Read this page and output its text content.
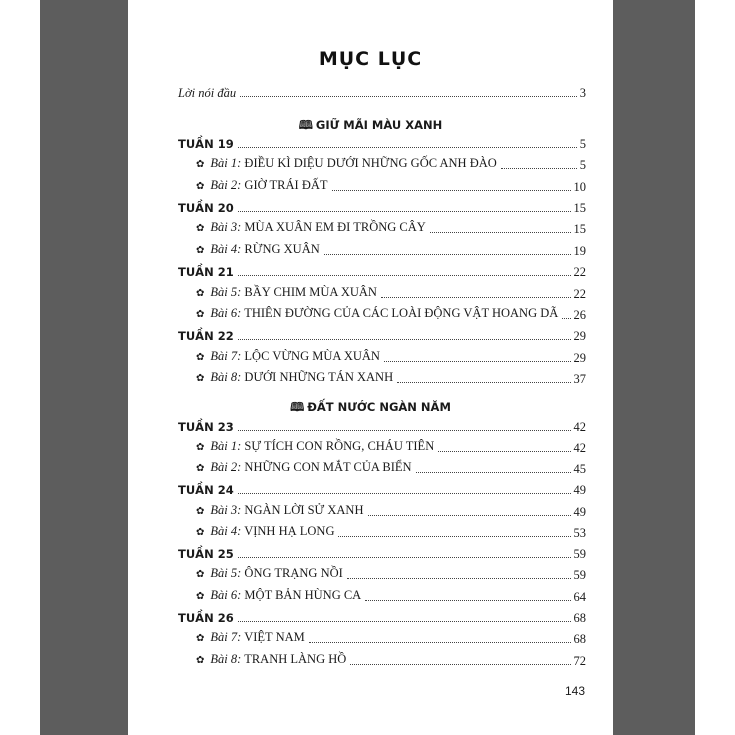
MỤC LỤC
Lời nói đầu	3
🕮 GIỮ MÃI MÀU XANH
TUẦN 19	5
✿ Bài 1: ĐIỀU KÌ DIỆU DƯỚI NHỮNG GỐC ANH ĐÀO	5
✿ Bài 2: GIỜ TRÁI ĐẤT	10
TUẦN 20	15
✿ Bài 3: MÙA XUÂN EM ĐI TRỒNG CÂY	15
✿ Bài 4: RỪNG XUÂN	19
TUẦN 21	22
✿ Bài 5: BẦY CHIM MÙA XUÂN	22
✿ Bài 6: THIÊN ĐƯỜNG CỦA CÁC LOÀI ĐỘNG VẬT HOANG DÃ 26
TUẦN 22	29
✿ Bài 7: LỘC VỪNG MÙA XUÂN	29
✿ Bài 8: DƯỚI NHỮNG TÁN XANH	37
🕮 ĐẤT NƯỚC NGÀN NĂM
TUẦN 23	42
✿ Bài 1: SỰ TÍCH CON RỒNG, CHÁU TIÊN	42
✿ Bài 2: NHỮNG CON MẮT CỦA BIỂN	45
TUẦN 24	49
✿ Bài 3: NGÀN LỜI SỬ XANH	49
✿ Bài 4: VỊNH HẠ LONG	53
TUẦN 25	59
✿ Bài 5: ÔNG TRẠNG NỒI	59
✿ Bài 6: MỘT BẢN HÙNG CA	64
TUẦN 26	68
✿ Bài 7: VIỆT NAM	68
✿ Bài 8: TRANH LÀNG HỒ	72
143
